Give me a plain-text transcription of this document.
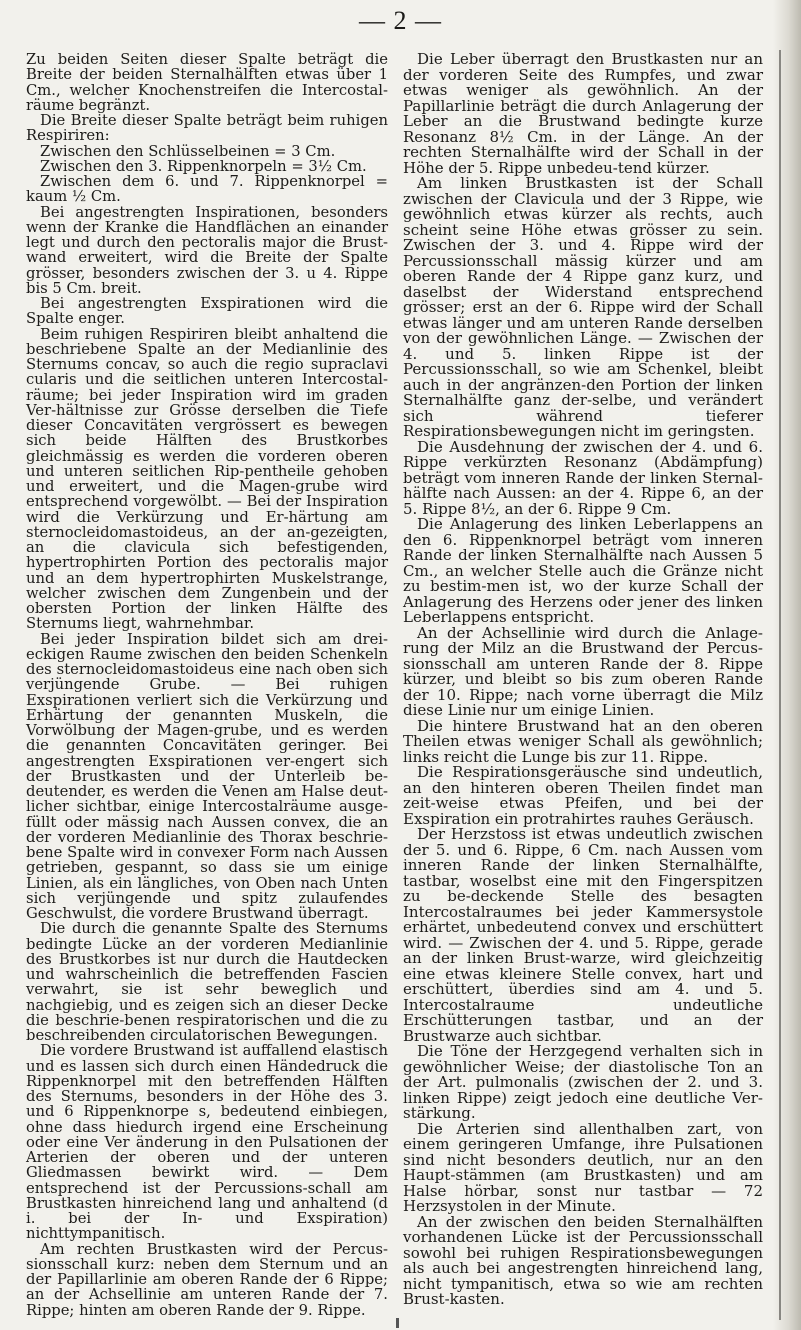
— 2 —

Zu beiden Seiten dieser Spalte beträgt die Breite der beiden Sternalhälften etwas über 1 Cm., welcher Knochenstreifen die Intercostal-räume begränzt.

Die Breite dieser Spalte beträgt beim ruhigen Respiriren:

Zwischen den Schlüsselbeinen = 3 Cm.

Zwischen den 3. Rippenknorpeln = 3½ Cm.

Zwischen dem 6. und 7. Rippenknorpel = kaum ½ Cm.

Bei angestrengten Inspirationen, besonders wenn der Kranke die Handflächen an einander legt und durch den pectoralis major die Brust-wand erweitert, wird die Breite der Spalte grösser, besonders zwischen der 3. u 4. Rippe bis 5 Cm. breit.

Bei angestrengten Exspirationen wird die Spalte enger.

Beim ruhigen Respiriren bleibt anhaltend die beschriebene Spalte an der Medianlinie des Sternums concav, so auch die regio supraclavi cularis und die seitlichen unteren Intercostal-räume; bei jeder Inspiration wird im graden Ver-hältnisse zur Grösse derselben die Tiefe dieser Concavitäten vergrössert es bewegen sich beide Hälften des Brustkorbes gleichmässig es werden die vorderen oberen und unteren seitlichen Rip-pentheile gehoben und erweitert, und die Magen-grube wird entsprechend vorgewölbt. — Bei der Inspiration wird die Verkürzung und Er-härtung am sternocleidomastoideus, an der an-gezeigten, an die clavicula sich befestigenden, hypertrophirten Portion des pectoralis major und an dem hypertrophirten Muskelstrange, welcher zwischen dem Zungenbein und der obersten Portion der linken Hälfte des Sternums liegt, wahrnehmbar.

Bei jeder Inspiration bildet sich am drei-eckigen Raume zwischen den beiden Schenkeln des sternocleidomastoideus eine nach oben sich verjüngende Grube. — Bei ruhigen Exspirationen verliert sich die Verkürzung und Erhärtung der genannten Muskeln, die Vorwölbung der Magen-grube, und es werden die genannten Concavitäten geringer. Bei angestrengten Exspirationen ver-engert sich der Brustkasten und der Unterleib be-deutender, es werden die Venen am Halse deut-licher sichtbar, einige Intercostalräume ausge-füllt oder mässig nach Aussen convex, die an der vorderen Medianlinie des Thorax beschrie-bene Spalte wird in convexer Form nach Aussen getrieben, gespannt, so dass sie um einige Linien, als ein längliches, von Oben nach Unten sich verjüngende und spitz zulaufendes Geschwulst, die vordere Brustwand überragt.

Die durch die genannte Spalte des Sternums bedingte Lücke an der vorderen Medianlinie des Brustkorbes ist nur durch die Hautdecken und wahrscheinlich die betreffenden Fascien verwahrt, sie ist sehr beweglich und nachgiebig, und es zeigen sich an dieser Decke die beschrie-benen respiratorischen und die zu beschreibenden circulatorischen Bewegungen.

Die vordere Brustwand ist auffallend elastisch und es lassen sich durch einen Händedruck die Rippenknorpel mit den betreffenden Hälften des Sternums, besonders in der Höhe des 3. und 6 Rippenknorpe s, bedeutend einbiegen, ohne dass hiedurch irgend eine Erscheinung oder eine Ver änderung in den Pulsationen der Arterien der oberen und der unteren Gliedmassen bewirkt wird. — Dem entsprechend ist der Percussions-schall am Brustkasten hinreichend lang und anhaltend (d i. bei der In- und Exspiration) nichttympanitisch.

Am rechten Brustkasten wird der Percus-sionsschall kurz: neben dem Sternum und an der Papillarlinie am oberen Rande der 6 Rippe; an der Achsellinie am unteren Rande der 7. Rippe; hinten am oberen Rande der 9. Rippe.

Die Leber überragt den Brustkasten nur an der vorderen Seite des Rumpfes, und zwar etwas weniger als gewöhnlich. An der Papillarlinie beträgt die durch Anlagerung der Leber an die Brustwand bedingte kurze Resonanz 8½ Cm. in der Länge. An der rechten Sternalhälfte wird der Schall in der Höhe der 5. Rippe unbedeu-tend kürzer.

Am linken Brustkasten ist der Schall zwischen der Clavicula und der 3 Rippe, wie gewöhnlich etwas kürzer als rechts, auch scheint seine Höhe etwas grösser zu sein. Zwischen der 3. und 4. Rippe wird der Percussionsschall mässig kürzer und am oberen Rande der 4 Rippe ganz kurz, und daselbst der Widerstand entsprechend grösser; erst an der 6. Rippe wird der Schall etwas länger und am unteren Rande derselben von der gewöhnlichen Länge. — Zwischen der 4. und 5. linken Rippe ist der Percussionsschall, so wie am Schenkel, bleibt auch in der angränzen-den Portion der linken Sternalhälfte ganz der-selbe, und verändert sich während tieferer Respirationsbewegungen nicht im geringsten.

Die Ausdehnung der zwischen der 4. und 6. Rippe verkürzten Resonanz (Abdämpfung) beträgt vom inneren Rande der linken Sternal-hälfte nach Aussen: an der 4. Rippe 6, an der 5. Rippe 8½, an der 6. Rippe 9 Cm.

Die Anlagerung des linken Leberlappens an den 6. Rippenknorpel beträgt vom inneren Rande der linken Sternalhälfte nach Aussen 5 Cm., an welcher Stelle auch die Gränze nicht zu bestim-men ist, wo der kurze Schall der Anlagerung des Herzens oder jener des linken Leberlappens entspricht.

An der Achsellinie wird durch die Anlage-rung der Milz an die Brustwand der Percus-sionsschall am unteren Rande der 8. Rippe kürzer, und bleibt so bis zum oberen Rande der 10. Rippe; nach vorne überragt die Milz diese Linie nur um einige Linien.

Die hintere Brustwand hat an den oberen Theilen etwas weniger Schall als gewöhnlich; links reicht die Lunge bis zur 11. Rippe.

Die Respirationsgeräusche sind undeutlich, an den hinteren oberen Theilen findet man zeit-weise etwas Pfeifen, und bei der Exspiration ein protrahirtes rauhes Geräusch.

Der Herzstoss ist etwas undeutlich zwischen der 5. und 6. Rippe, 6 Cm. nach Aussen vom inneren Rande der linken Sternalhälfte, tastbar, woselbst eine mit den Fingerspitzen zu be-deckende Stelle des besagten Intercostalraumes bei jeder Kammersystole erhärtet, unbedeutend convex und erschüttert wird. — Zwischen der 4. und 5. Rippe, gerade an der linken Brust-warze, wird gleichzeitig eine etwas kleinere Stelle convex, hart und erschüttert, überdies sind am 4. und 5. Intercostalraume undeutliche Erschütterungen tastbar, und an der Brustwarze auch sichtbar.

Die Töne der Herzgegend verhalten sich in gewöhnlicher Weise; der diastolische Ton an der Art. pulmonalis (zwischen der 2. und 3. linken Rippe) zeigt jedoch eine deutliche Ver-stärkung.

Die Arterien sind allenthalben zart, von einem geringeren Umfange, ihre Pulsationen sind nicht besonders deutlich, nur an den Haupt-stämmen (am Brustkasten) und am Halse hörbar, sonst nur tastbar — 72 Herzsystolen in der Minute.

An der zwischen den beiden Sternalhälften vorhandenen Lücke ist der Percussionsschall sowohl bei ruhigen Respirationsbewegungen als auch bei angestrengten hinreichend lang, nicht tympanitisch, etwa so wie am rechten Brust-kasten.
